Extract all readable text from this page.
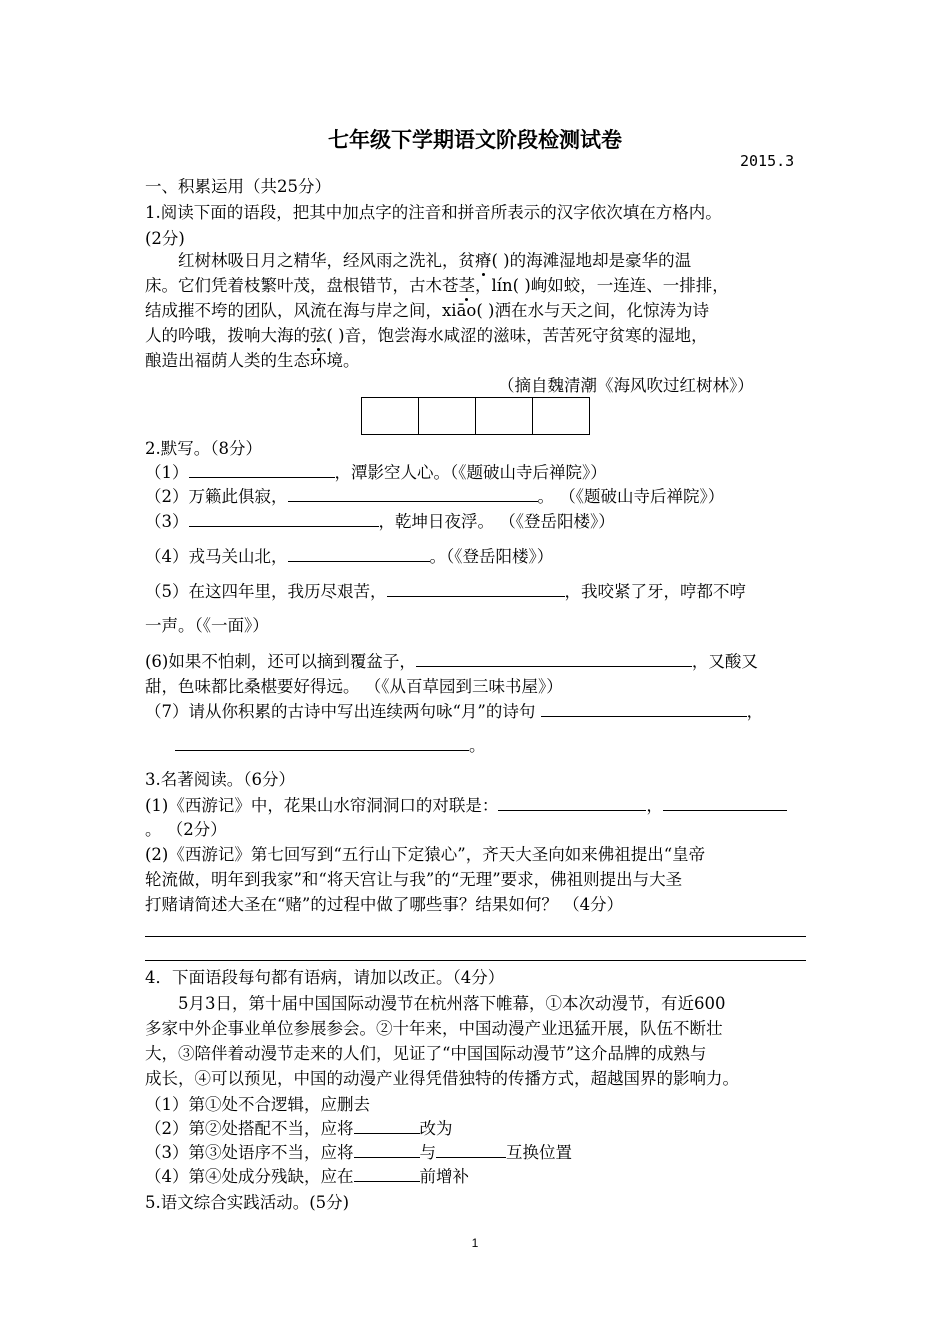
七年级下学期语文阶段检测试卷
2015.3
一、积累运用（共25分）
1.阅读下面的语段，把其中加点字的注音和拼音所表示的汉字依次填在方格内。
(2分)
红树林吸日月之精华，经风雨之洗礼，贫瘠( )的海滩湿地却是豪华的温
床。它们凭着枝繁叶茂，盘根错节，古木苍茎，lín( )峋如蛟，一连连、一排排，
结成摧不垮的团队，风流在海与岸之间，xiāo( )洒在水与天之间，化惊涛为诗
人的吟哦，拨响大海的弦( )音，饱尝海水咸涩的滋味，苦苦死守贫寒的湿地，
酿造出福荫人类的生态环境。
（摘自魏清潮《海风吹过红树林》）
2.默写。（8分）
（1）	，潭影空人心。（《题破山寺后禅院》）
（2）万籁此俱寂，	。 （《题破山寺后禅院》）
（3）	，乾坤日夜浮。 （《登岳阳楼》）
（4）戎马关山北，	。（《登岳阳楼》）
（5）在这四年里，我历尽艰苦，	，我咬紧了牙，哼都不哼
一声。（《一面》）
(6)如果不怕刺，还可以摘到覆盆子，	，又酸又
甜，色味都比桑椹要好得远。 （《从百草园到三味书屋》）
（7）请从你积累的古诗中写出连续两句咏“月”的诗句	，
。
3.名著阅读。（6分）
(1)《西游记》中，花果山水帘洞洞口的对联是：	，
。 （2分）
(2)《西游记》第七回写到“五行山下定猿心”，齐天大圣向如来佛祖提出“皇帝
轮流做，明年到我家”和“将天宫让与我”的“无理”要求，佛祖则提出与大圣
打赌请简述大圣在“赌”的过程中做了哪些事？结果如何？ （4分）
4．下面语段每句都有语病，请加以改正。（4分）
5月3日，第十届中国国际动漫节在杭州落下帷幕，①本次动漫节，有近600
多家中外企事业单位参展参会。②十年来，中国动漫产业迅猛开展，队伍不断壮
大，③陪伴着动漫节走来的人们，见证了“中国国际动漫节”这介品牌的成熟与
成长，④可以预见，中国的动漫产业得凭借独特的传播方式，超越国界的影响力。
（1）第①处不合逻辑，应删去
（2）第②处搭配不当，应将	改为
（3）第③处语序不当，应将	与	互换位置
（4）第④处成分残缺，应在	前增补
5.语文综合实践活动。(5分)
1
